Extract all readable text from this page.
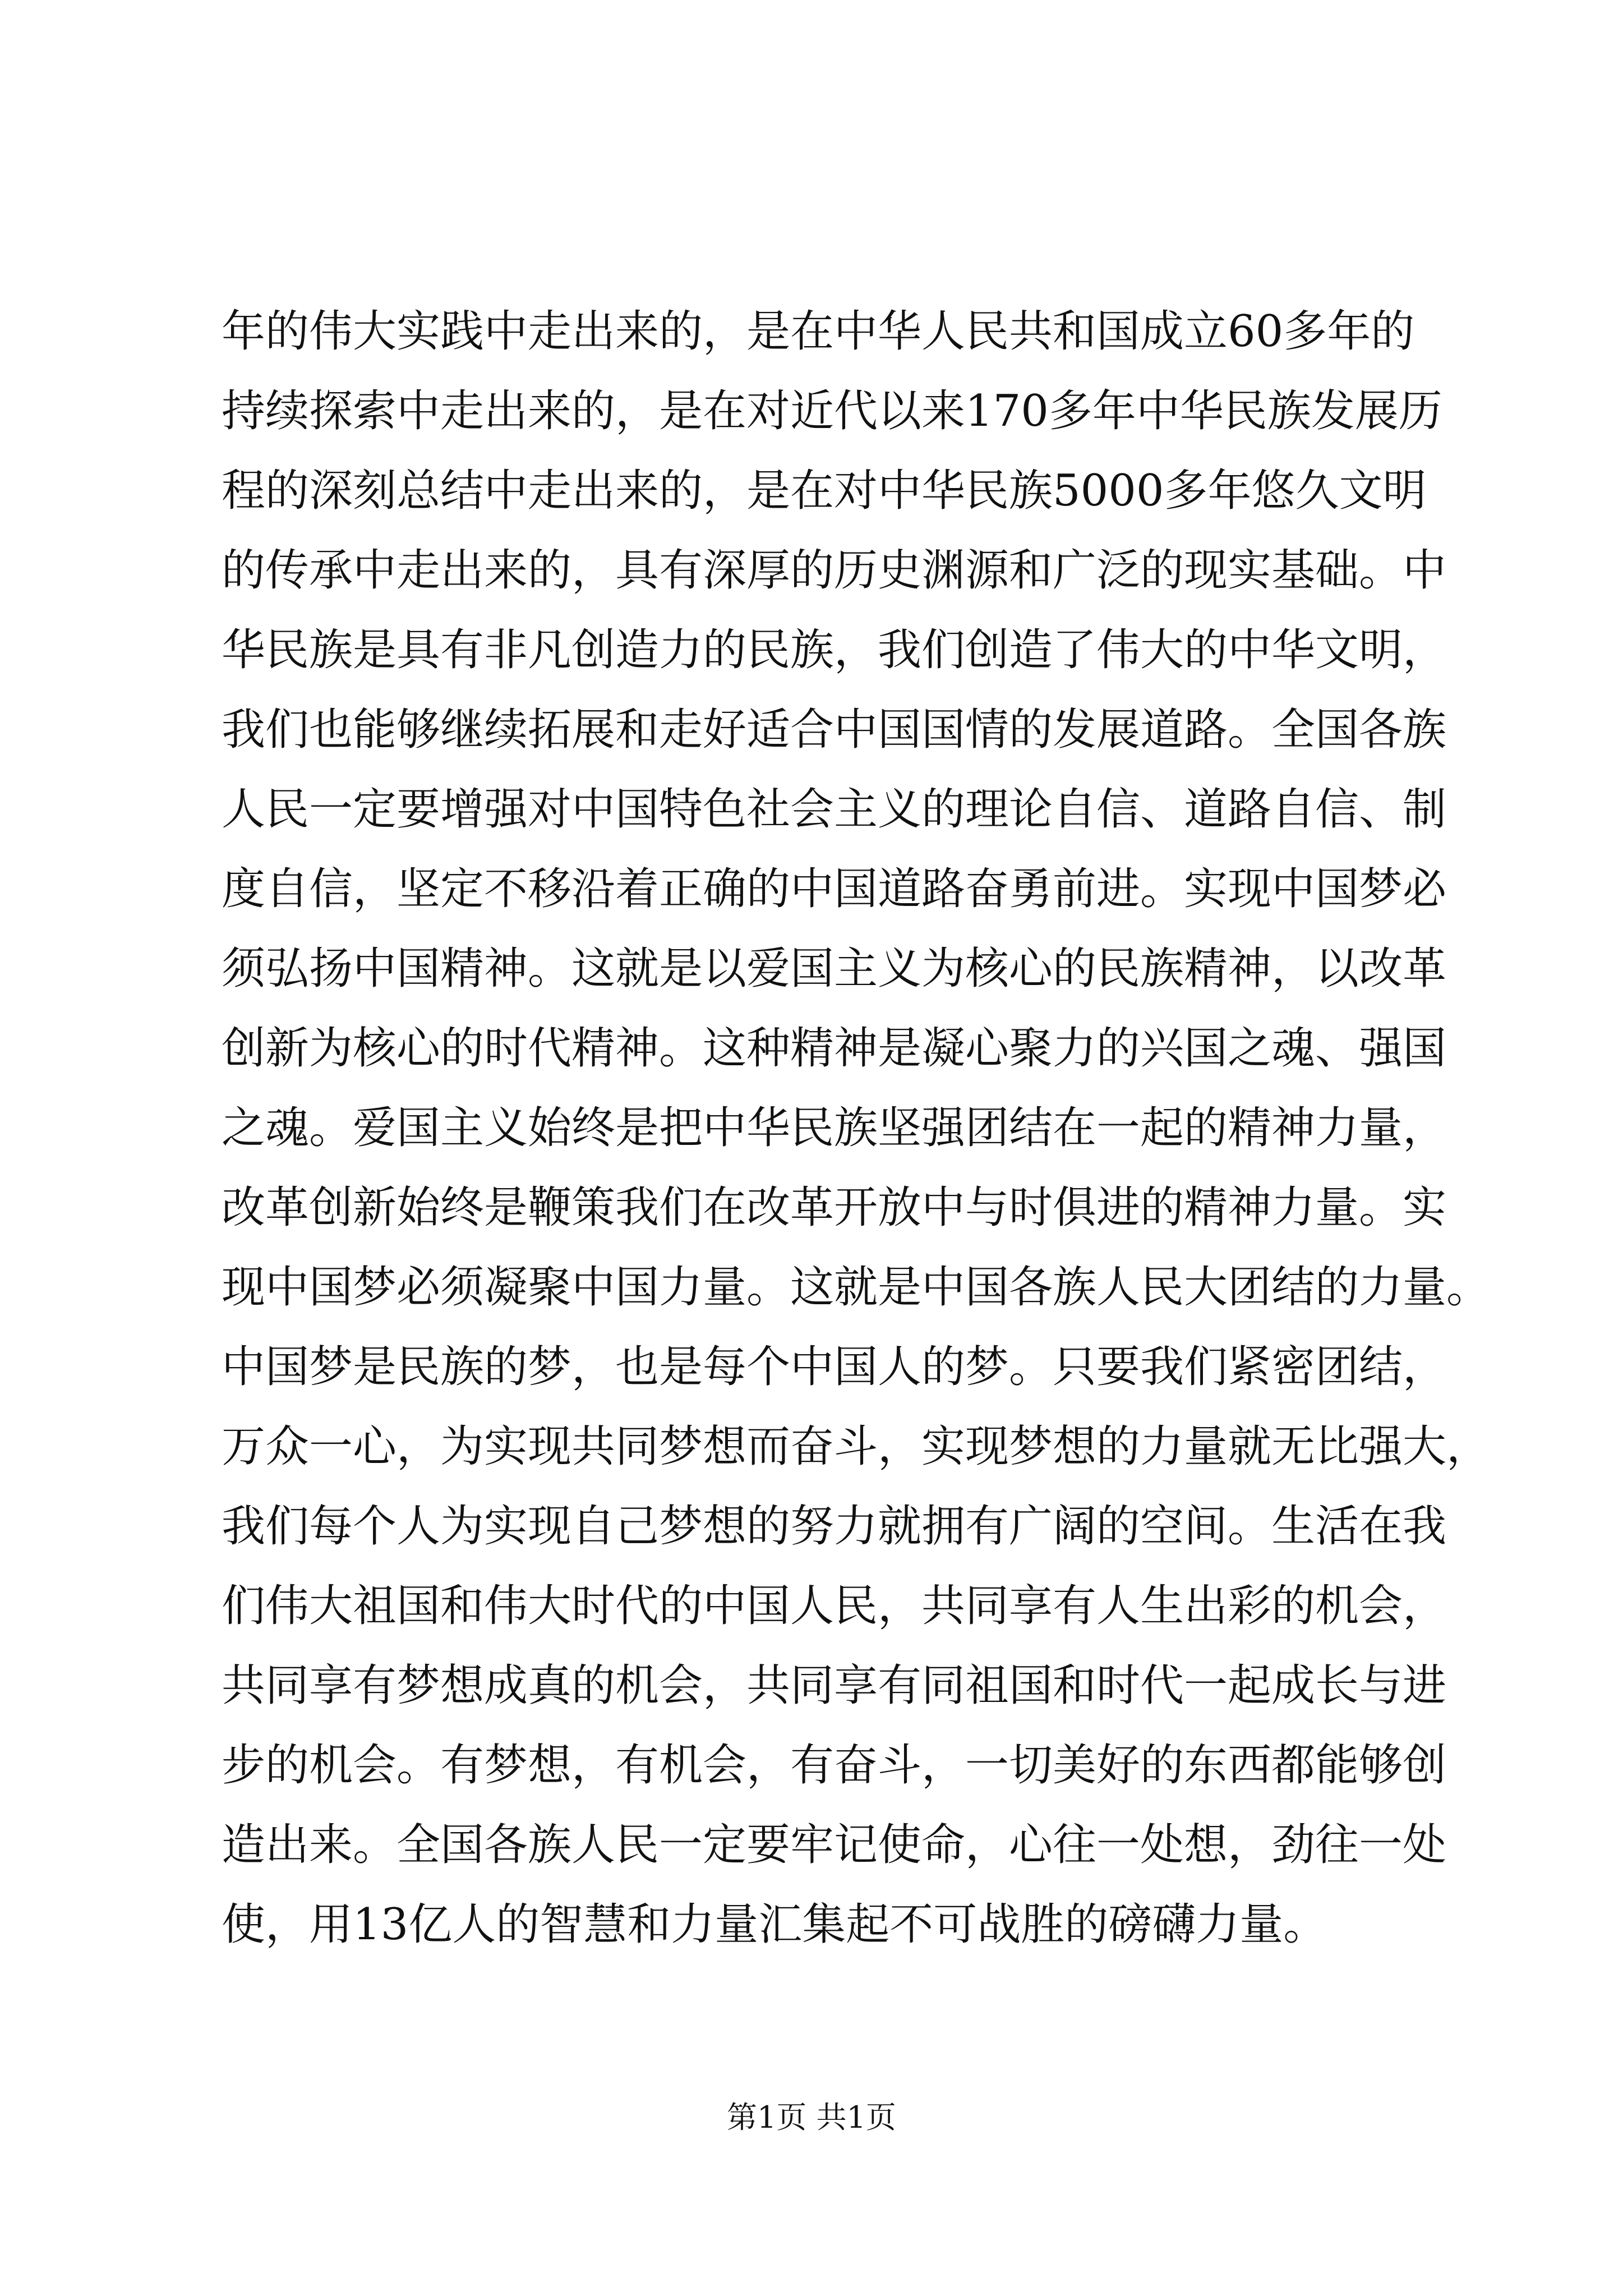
年的伟大实践中走出来的，是在中华人民共和国成立60多年的
持续探索中走出来的，是在对近代以来170多年中华民族发展历
程的深刻总结中走出来的，是在对中华民族5000多年悠久文明
的传承中走出来的，具有深厚的历史渊源和广泛的现实基础。中
华民族是具有非凡创造力的民族，我们创造了伟大的中华文明，
我们也能够继续拓展和走好适合中国国情的发展道路。全国各族
人民一定要增强对中国特色社会主义的理论自信、道路自信、制
度自信，坚定不移沿着正确的中国道路奋勇前进。实现中国梦必
须弘扬中国精神。这就是以爱国主义为核心的民族精神，以改革
创新为核心的时代精神。这种精神是凝心聚力的兴国之魂、强国
之魂。爱国主义始终是把中华民族坚强团结在一起的精神力量，
改革创新始终是鞭策我们在改革开放中与时俱进的精神力量。实
现中国梦必须凝聚中国力量。这就是中国各族人民大团结的力量。
中国梦是民族的梦，也是每个中国人的梦。只要我们紧密团结，
万众一心，为实现共同梦想而奋斗，实现梦想的力量就无比强大，
我们每个人为实现自己梦想的努力就拥有广阔的空间。生活在我
们伟大祖国和伟大时代的中国人民，共同享有人生出彩的机会，
共同享有梦想成真的机会，共同享有同祖国和时代一起成长与进
步的机会。有梦想，有机会，有奋斗，一切美好的东西都能够创
造出来。全国各族人民一定要牢记使命，心往一处想，劲往一处
使，用13亿人的智慧和力量汇集起不可战胜的磅礴力量。
第1页 共1页
